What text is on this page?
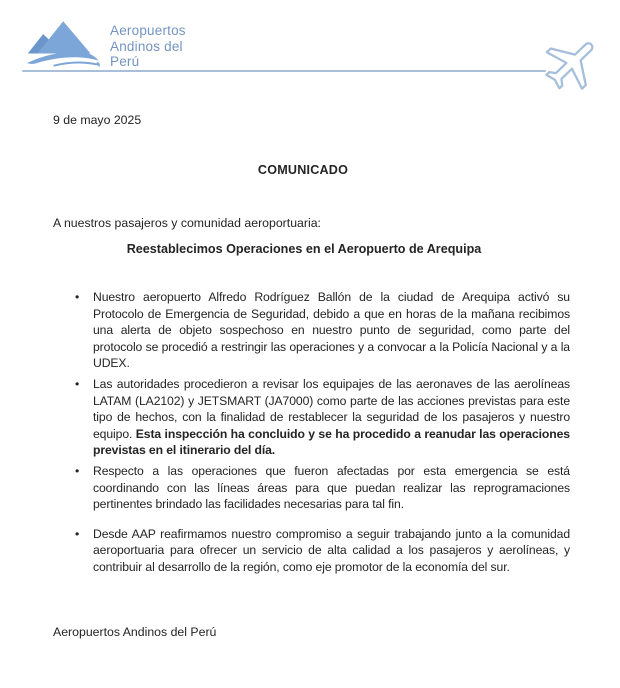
Aeropuertos
Andinos del
Perú

9 de mayo 2025

COMUNICADO

A nuestros pasajeros y comunidad aeroportuaria:

Reestablecimos Operaciones en el Aeropuerto de Arequipa

• Nuestro aeropuerto Alfredo Rodríguez Ballón de la ciudad de Arequipa activó su Protocolo de Emergencia de Seguridad, debido a que en horas de la mañana recibimos una alerta de objeto sospechoso en nuestro punto de seguridad, como parte del protocolo se procedió a restringir las operaciones y a convocar a la Policía Nacional y a la UDEX.
• Las autoridades procedieron a revisar los equipajes de las aeronaves de las aerolíneas LATAM (LA2102) y JETSMART (JA7000) como parte de las acciones previstas para este tipo de hechos, con la finalidad de restablecer la seguridad de los pasajeros y nuestro equipo. Esta inspección ha concluido y se ha procedido a reanudar las operaciones previstas en el itinerario del día.
• Respecto a las operaciones que fueron afectadas por esta emergencia se está coordinando con las líneas áreas para que puedan realizar las reprogramaciones pertinentes brindado las facilidades necesarias para tal fin.
• Desde AAP reafirmamos nuestro compromiso a seguir trabajando junto a la comunidad aeroportuaria para ofrecer un servicio de alta calidad a los pasajeros y aerolíneas, y contribuir al desarrollo de la región, como eje promotor de la economía del sur.

Aeropuertos Andinos del Perú
